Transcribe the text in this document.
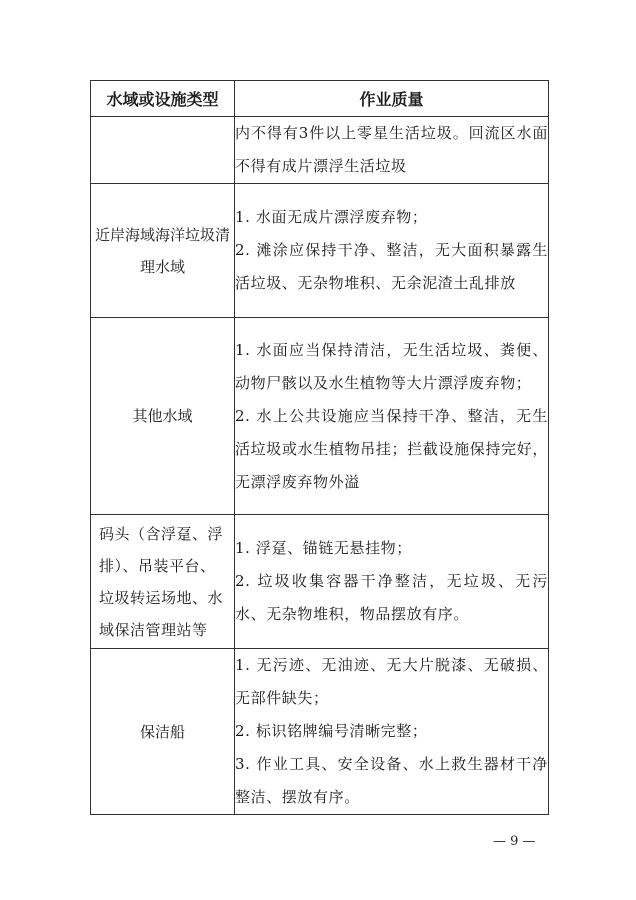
水域或设施类型	作业质量

	内不得有3件以上零星生活垃圾。回流区水面不得有成片漂浮生活垃圾

近岸海域海洋垃圾清理水域	1. 水面无成片漂浮废弃物；

2. 滩涂应保持干净、整洁，无大面积暴露生活垃圾、无杂物堆积、无余泥渣土乱排放

其他水域	1. 水面应当保持清洁，无生活垃圾、粪便、动物尸骸以及水生植物等大片漂浮废弃物；

2. 水上公共设施应当保持干净、整洁，无生活垃圾或水生植物吊挂；拦截设施保持完好，无漂浮废弃物外溢

码头（含浮趸、浮排）、吊装平台、垃圾转运场地、水域保洁管理站等	1. 浮趸、锚链无悬挂物；

2. 垃圾收集容器干净整洁，无垃圾、无污水、无杂物堆积，物品摆放有序。

保洁船	1. 无污迹、无油迹、无大片脱漆、无破损、无部件缺失；

2. 标识铭牌编号清晰完整；

3. 作业工具、安全设备、水上救生器材干净整洁、摆放有序。

— 9 —
